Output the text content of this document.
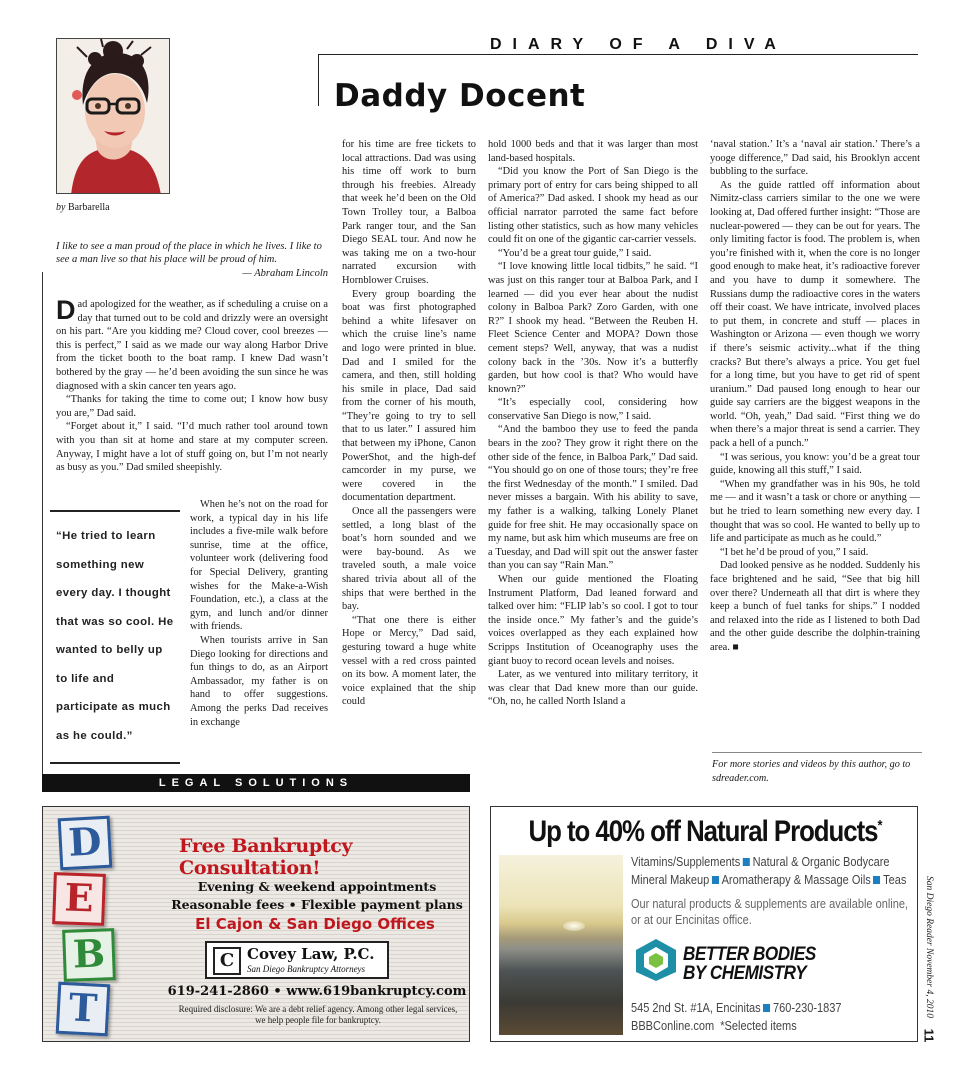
DIARY OF A DIVA
Daddy Docent
by Barbarella
I like to see a man proud of the place in which he lives. I like to see a man live so that his place will be proud of him.
— Abraham Lincoln

Dad apologized for the weather, as if scheduling a cruise on a day that turned out to be cold and drizzly were an oversight on his part. “Are you kidding me? Cloud cover, cool breezes — this is perfect,” I said as we made our way along Harbor Drive from the ticket booth to the boat ramp. I knew Dad wasn’t bothered by the gray — he’d been avoiding the sun since he was diagnosed with a skin cancer ten years ago.

“Thanks for taking the time to come out; I know how busy you are,” Dad said.

“Forget about it,” I said. “I’d much rather tool around town with you than sit at home and stare at my computer screen. Anyway, I might have a lot of stuff going on, but I’m not nearly as busy as you.” Dad smiled sheepishly.

When he’s not on the road for work, a typical day in his life includes a five-mile walk before sunrise, time at the office, volunteer work (delivering food for Special Delivery, granting wishes for the Make-a-Wish Foundation, etc.), a class at the gym, and lunch and/or dinner with friends.

When tourists arrive in San Diego looking for directions and fun things to do, as an Airport Ambassador, my father is on hand to offer suggestions. Among the perks Dad receives in exchange

“He tried to learn something new every day. I thought that was so cool. He wanted to belly up to life and participate as much as he could.”

for his time are free tickets to local attractions. Dad was using his time off work to burn through his freebies. Already that week he’d been on the Old Town Trolley tour, a Balboa Park ranger tour, and the San Diego SEAL tour. And now he was taking me on a two-hour narrated excursion with Hornblower Cruises.

Every group boarding the boat was first photographed behind a white lifesaver on which the cruise line’s name and logo were printed in blue. Dad and I smiled for the camera, and then, still holding his smile in place, Dad said from the corner of his mouth, “They’re going to try to sell that to us later.” I assured him that between my iPhone, Canon PowerShot, and the high-def camcorder in my purse, we were covered in the documentation department.

Once all the passengers were settled, a long blast of the boat’s horn sounded and we were bay-bound. As we traveled south, a male voice shared trivia about all of the ships that were berthed in the bay.

“That one there is either Hope or Mercy,” Dad said, gesturing toward a huge white vessel with a red cross painted on its bow. A moment later, the voice explained that the ship could

hold 1000 beds and that it was larger than most land-based hospitals.

“Did you know the Port of San Diego is the primary port of entry for cars being shipped to all of America?” Dad asked. I shook my head as our official narrator parroted the same fact before listing other statistics, such as how many vehicles could fit on one of the gigantic car-carrier vessels.

“You’d be a great tour guide,” I said.

“I love knowing little local tidbits,” he said. “I was just on this ranger tour at Balboa Park, and I learned — did you ever hear about the nudist colony in Balboa Park? Zoro Garden, with one R?” I shook my head. “Between the Reuben H. Fleet Science Center and MOPA? Down those cement steps? Well, anyway, that was a nudist colony back in the ’30s. Now it’s a butterfly garden, but how cool is that? Who would have known?”

“It’s especially cool, considering how conservative San Diego is now,” I said.

“And the bamboo they use to feed the panda bears in the zoo? They grow it right there on the other side of the fence, in Balboa Park,” Dad said. “You should go on one of those tours; they’re free the first Wednesday of the month.” I smiled. Dad never misses a bargain. With his ability to save, my father is a walking, talking Lonely Planet guide for free shit. He may occasionally space on my name, but ask him which museums are free on a Tuesday, and Dad will spit out the answer faster than you can say “Rain Man.”

When our guide mentioned the Floating Instrument Platform, Dad leaned forward and talked over him: “FLIP lab’s so cool. I got to tour the inside once.” My father’s and the guide’s voices overlapped as they each explained how Scripps Institution of Oceanography uses the giant buoy to record ocean levels and noises.

Later, as we ventured into military territory, it was clear that Dad knew more than our guide. “Oh, no, he called North Island a

‘naval station.’ It’s a ‘naval air station.’ There’s a yooge difference,” Dad said, his Brooklyn accent bubbling to the surface.

As the guide rattled off information about Nimitz-class carriers similar to the one we were looking at, Dad offered further insight: “Those are nuclear-powered — they can be out for years. The only limiting factor is food. The problem is, when you’re finished with it, when the core is no longer good enough to make heat, it’s radioactive forever and you have to dump it somewhere. The Russians dump the radioactive cores in the waters off their coast. We have intricate, involved places to put them, in concrete and stuff — places in Washington or Arizona — even though we worry if there’s seismic activity...what if the thing cracks? But there’s always a price. You get fuel for a long time, but you have to get rid of spent uranium.” Dad paused long enough to hear our guide say carriers are the biggest weapons in the world. “Oh, yeah,” Dad said. “First thing we do when there’s a major threat is send a carrier. They pack a hell of a punch.”

“I was serious, you know: you’d be a great tour guide, knowing all this stuff,” I said.

“When my grandfather was in his 90s, he told me — and it wasn’t a task or chore or anything — but he tried to learn something new every day. I thought that was so cool. He wanted to belly up to life and participate as much as he could.”

“I bet he’d be proud of you,” I said.

Dad looked pensive as he nodded. Suddenly his face brightened and he said, “See that big hill over there? Underneath all that dirt is where they keep a bunch of fuel tanks for ships.” I nodded and relaxed into the ride as I listened to both Dad and the other guide describe the dolphin-training area. ■

For more stories and videos by this author, go to sdreader.com.
LEGAL SOLUTIONS
D
E
B
T
Free Bankruptcy Consultation!
Evening & weekend appointments
Reasonable fees • Flexible payment plans
El Cajon & San Diego Offices
C Covey Law, P.C.
San Diego Bankruptcy Attorneys
619-241-2860 • www.619bankruptcy.com
Required disclosure: We are a debt relief agency. Among other legal services, we help people file for bankruptcy.
Up to 40% off Natural Products*
Vitamins/Supplements Natural & Organic Bodycare
Mineral Makeup Aromatherapy & Massage Oils Teas
Our natural products & supplements are available online,
or at our Encinitas office.
BETTER BODIES
BY CHEMISTRY
545 2nd St. #1A, Encinitas 760-230-1837
BBBConline.com *Selected items
San Diego Reader November 4, 2010
11
